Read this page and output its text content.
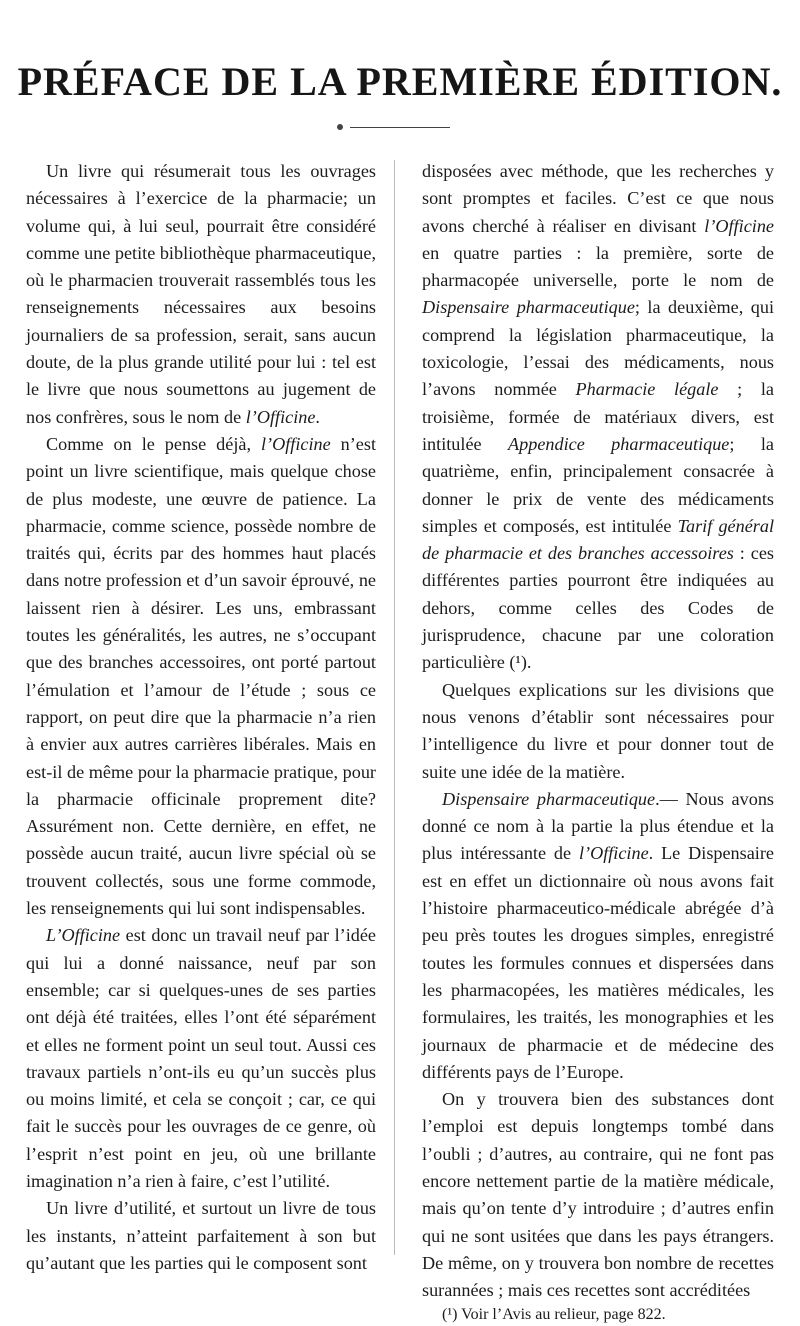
PRÉFACE DE LA PREMIÈRE ÉDITION.

Un livre qui résumerait tous les ouvrages nécessaires à l’exercice de la pharmacie; un volume qui, à lui seul, pourrait être considéré comme une petite bibliothèque pharmaceutique, où le pharmacien trouverait rassemblés tous les renseignements nécessaires aux besoins journaliers de sa profession, serait, sans aucun doute, de la plus grande utilité pour lui : tel est le livre que nous soumettons au jugement de nos confrères, sous le nom de l’Officine.

Comme on le pense déjà, l’Officine n’est point un livre scientifique, mais quelque chose de plus modeste, une œuvre de patience. La pharmacie, comme science, possède nombre de traités qui, écrits par des hommes haut placés dans notre profession et d’un savoir éprouvé, ne laissent rien à désirer. Les uns, embrassant toutes les généralités, les autres, ne s’occupant que des branches accessoires, ont porté partout l’émulation et l’amour de l’étude ; sous ce rapport, on peut dire que la pharmacie n’a rien à envier aux autres carrières libérales. Mais en est-il de même pour la pharmacie pratique, pour la pharmacie officinale proprement dite? Assurément non. Cette dernière, en effet, ne possède aucun traité, aucun livre spécial où se trouvent collectés, sous une forme commode, les renseignements qui lui sont indispensables.

L’Officine est donc un travail neuf par l’idée qui lui a donné naissance, neuf par son ensemble; car si quelques-unes de ses parties ont déjà été traitées, elles l’ont été séparément et elles ne forment point un seul tout. Aussi ces travaux partiels n’ont-ils eu qu’un succès plus ou moins limité, et cela se conçoit ; car, ce qui fait le succès pour les ouvrages de ce genre, où l’esprit n’est point en jeu, où une brillante imagination n’a rien à faire, c’est l’utilité.

Un livre d’utilité, et surtout un livre de tous les instants, n’atteint parfaitement à son but qu’autant que les parties qui le composent sont

disposées avec méthode, que les recherches y sont promptes et faciles. C’est ce que nous avons cherché à réaliser en divisant l’Officine en quatre parties : la première, sorte de pharmacopée universelle, porte le nom de Dispensaire pharmaceutique; la deuxième, qui comprend la législation pharmaceutique, la toxicologie, l’essai des médicaments, nous l’avons nommée Pharmacie légale ; la troisième, formée de matériaux divers, est intitulée Appendice pharmaceutique; la quatrième, enfin, principalement consacrée à donner le prix de vente des médicaments simples et composés, est intitulée Tarif général de pharmacie et des branches accessoires : ces différentes parties pourront être indiquées au dehors, comme celles des Codes de jurisprudence, chacune par une coloration particulière (¹).

Quelques explications sur les divisions que nous venons d’établir sont nécessaires pour l’intelligence du livre et pour donner tout de suite une idée de la matière.

Dispensaire pharmaceutique.— Nous avons donné ce nom à la partie la plus étendue et la plus intéressante de l’Officine. Le Dispensaire est en effet un dictionnaire où nous avons fait l’histoire pharmaceutico-médicale abrégée d’à peu près toutes les drogues simples, enregistré toutes les formules connues et dispersées dans les pharmacopées, les matières médicales, les formulaires, les traités, les monographies et les journaux de pharmacie et de médecine des différents pays de l’Europe.

On y trouvera bien des substances dont l’emploi est depuis longtemps tombé dans l’oubli ; d’autres, au contraire, qui ne font pas encore nettement partie de la matière médicale, mais qu’on tente d’y introduire ; d’autres enfin qui ne sont usitées que dans les pays étrangers. De même, on y trouvera bon nombre de recettes surannées ; mais ces recettes sont accréditées

(¹) Voir l’Avis au relieur, page 822.
